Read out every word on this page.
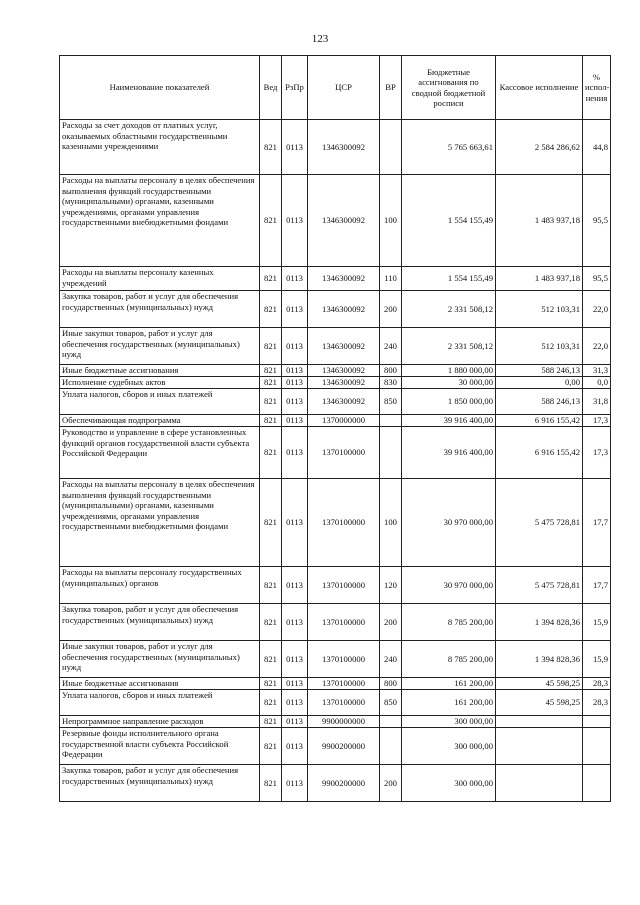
123
Наименование показателей	Вед	РзПр	ЦСР	ВР	Бюджетные ассигнования по сводной бюджетной росписи	Кассовое исполнение	% испол-нения
Расходы за счет доходов от платных услуг, оказываемых областными государственными казенными учреждениями	821	0113	1346300092		5 765 663,61	2 584 286,62	44,8
Расходы на выплаты персоналу в целях обеспечения выполнения функций государственными (муниципальными) органами, казенными учреждениями, органами управления государственными внебюджетными фондами	821	0113	1346300092	100	1 554 155,49	1 483 937,18	95,5
Расходы на выплаты персоналу казенных учреждений	821	0113	1346300092	110	1 554 155,49	1 483 937,18	95,5
Закупка товаров, работ и услуг для обеспечения государственных (муниципальных) нужд	821	0113	1346300092	200	2 331 508,12	512 103,31	22,0
Иные закупки товаров, работ и услуг для обеспечения государственных (муниципальных) нужд	821	0113	1346300092	240	2 331 508,12	512 103,31	22,0
Иные бюджетные ассигнования	821	0113	1346300092	800	1 880 000,00	588 246,13	31,3
Исполнение судебных актов	821	0113	1346300092	830	30 000,00	0,00	0,0
Уплата налогов, сборов и иных платежей	821	0113	1346300092	850	1 850 000,00	588 246,13	31,8
Обеспечивающая подпрограмма	821	0113	1370000000		39 916 400,00	6 916 155,42	17,3
Руководство и управление в сфере установленных функций органов государственной власти субъекта Российской Федерации	821	0113	1370100000		39 916 400,00	6 916 155,42	17,3
Расходы на выплаты персоналу в целях обеспечения выполнения функций государственными (муниципальными) органами, казенными учреждениями, органами управления государственными внебюджетными фондами	821	0113	1370100000	100	30 970 000,00	5 475 728,81	17,7
Расходы на выплаты персоналу государственных (муниципальных) органов	821	0113	1370100000	120	30 970 000,00	5 475 728,81	17,7
Закупка товаров, работ и услуг для обеспечения государственных (муниципальных) нужд	821	0113	1370100000	200	8 785 200,00	1 394 828,36	15,9
Иные закупки товаров, работ и услуг для обеспечения государственных (муниципальных) нужд	821	0113	1370100000	240	8 785 200,00	1 394 828,36	15,9
Иные бюджетные ассигнования	821	0113	1370100000	800	161 200,00	45 598,25	28,3
Уплата налогов, сборов и иных платежей	821	0113	1370100000	850	161 200,00	45 598,25	28,3
Непрограммное направление расходов	821	0113	9900000000		300 000,00		
Резервные фонды исполнительного органа государственной власти субъекта Российской Федерации	821	0113	9900200000		300 000,00		
Закупка товаров, работ и услуг для обеспечения государственных (муниципальных) нужд	821	0113	9900200000	200	300 000,00		
